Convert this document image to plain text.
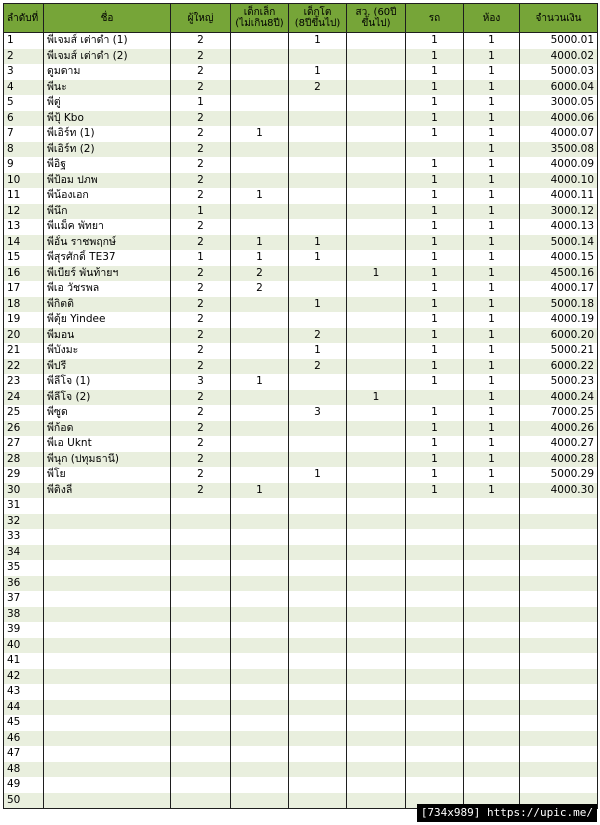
ลำดับที่	ชื่อ	ผู้ใหญ่	เด็กเล็ก
(ไม่เกิน8ปี)	เด็กโต
(8ปีขึ้นไป)	สว. (60ปี
ขึ้นไป)	รถ	ห้อง	จำนวนเงิน
1	พี่เจมส์ เต่าดำ (1)	2		1		1	1	5000.01
2	พี่เจมส์ เต่าดำ (2)	2				1	1	4000.02
3	ดูมดาม	2		1		1	1	5000.03
4	พี่นะ	2		2		1	1	6000.04
5	พี่ตู่	1				1	1	3000.05
6	พี่ปุ้ Kbo	2				1	1	4000.06
7	พี่เอิร์ท (1)	2	1			1	1	4000.07
8	พี่เอิร์ท (2)	2					1	3500.08
9	พี่อิฐ	2				1	1	4000.09
10	พี่ป้อม ปภพ	2				1	1	4000.10
11	พี่น้องเอก	2	1			1	1	4000.11
12	พี่นึก	1				1	1	3000.12
13	พี่แม็ค พัทยา	2				1	1	4000.13
14	พี่อั๋น ราชพฤกษ์	2	1	1		1	1	5000.14
15	พี่สุรศักดิ์ TE37	1	1	1		1	1	4000.15
16	พี่เบียร์ พันท้ายฯ	2	2		1	1	1	4500.16
17	พี่เอ วัชรพล	2	2			1	1	4000.17
18	พี่กิตติ	2		1		1	1	5000.18
19	พี่ตุ้ย Yindee	2				1	1	4000.19
20	พี่มอน	2		2		1	1	6000.20
21	พี่บังมะ	2		1		1	1	5000.21
22	พี่ปรี	2		2		1	1	6000.22
23	พี่ลีโจ (1)	3	1			1	1	5000.23
24	พี่ลีโจ (2)	2			1		1	4000.24
25	พี่ซูด	2		3		1	1	7000.25
26	พี่ก้อด	2				1	1	4000.26
27	พี่เอ Uknt	2				1	1	4000.27
28	พี่นุก (ปทุมธานี)	2				1	1	4000.28
29	พี่โย	2		1		1	1	5000.29
30	พี่ติงลี่	2	1			1	1	4000.30
31								
32								
33								
34								
35								
36								
37								
38								
39								
40								
41								
42								
43								
44								
45								
46								
47								
48								
49								
50								
[734x989] https://upic.me/
